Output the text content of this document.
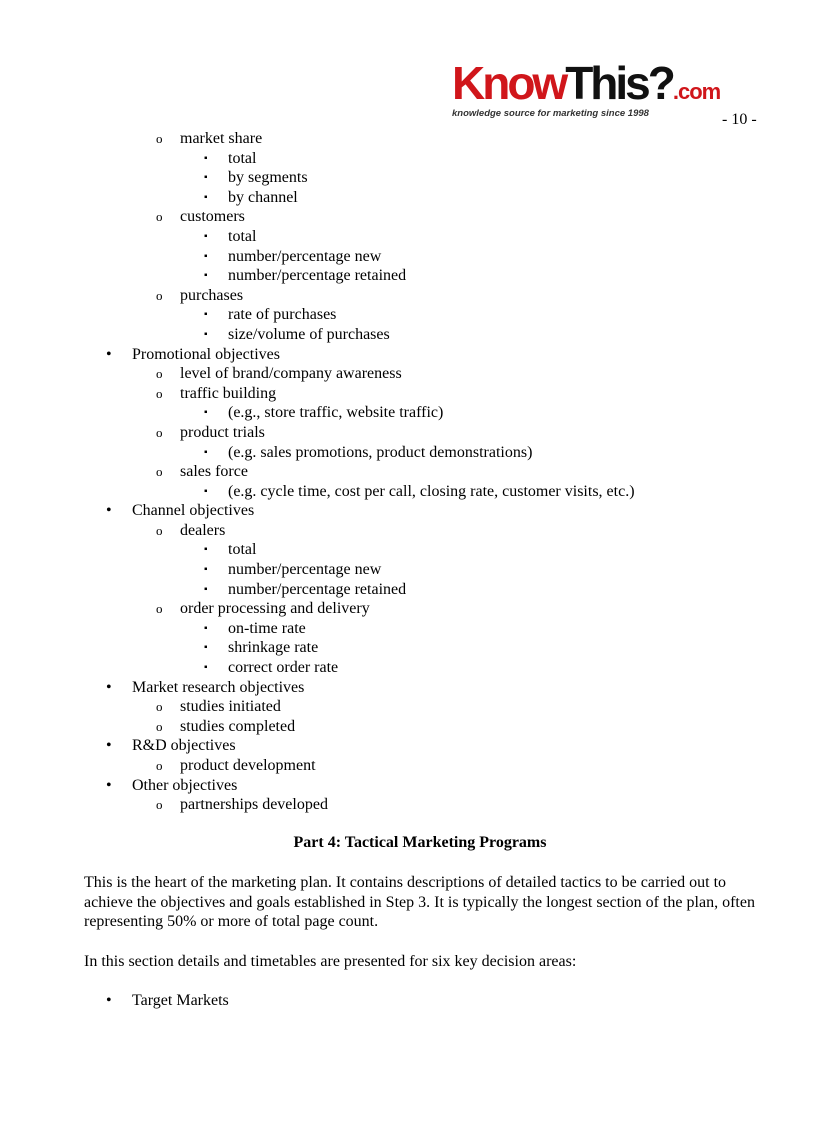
KnowThis?.com
knowledge source for marketing since 1998	- 10 -
o market share
▪ total
▪ by segments
▪ by channel
o customers
▪ total
▪ number/percentage new
▪ number/percentage retained
o purchases
▪ rate of purchases
▪ size/volume of purchases
• Promotional objectives
o level of brand/company awareness
o traffic building
▪ (e.g., store traffic, website traffic)
o product trials
▪ (e.g. sales promotions, product demonstrations)
o sales force
▪ (e.g. cycle time, cost per call, closing rate, customer visits, etc.)
• Channel objectives
o dealers
▪ total
▪ number/percentage new
▪ number/percentage retained
o order processing and delivery
▪ on-time rate
▪ shrinkage rate
▪ correct order rate
• Market research objectives
o studies initiated
o studies completed
• R&D objectives
o product development
• Other objectives
o partnerships developed
Part 4: Tactical Marketing Programs
This is the heart of the marketing plan. It contains descriptions of detailed tactics to be carried out to achieve the objectives and goals established in Step 3. It is typically the longest section of the plan, often representing 50% or more of total page count.
In this section details and timetables are presented for six key decision areas:
• Target Markets
